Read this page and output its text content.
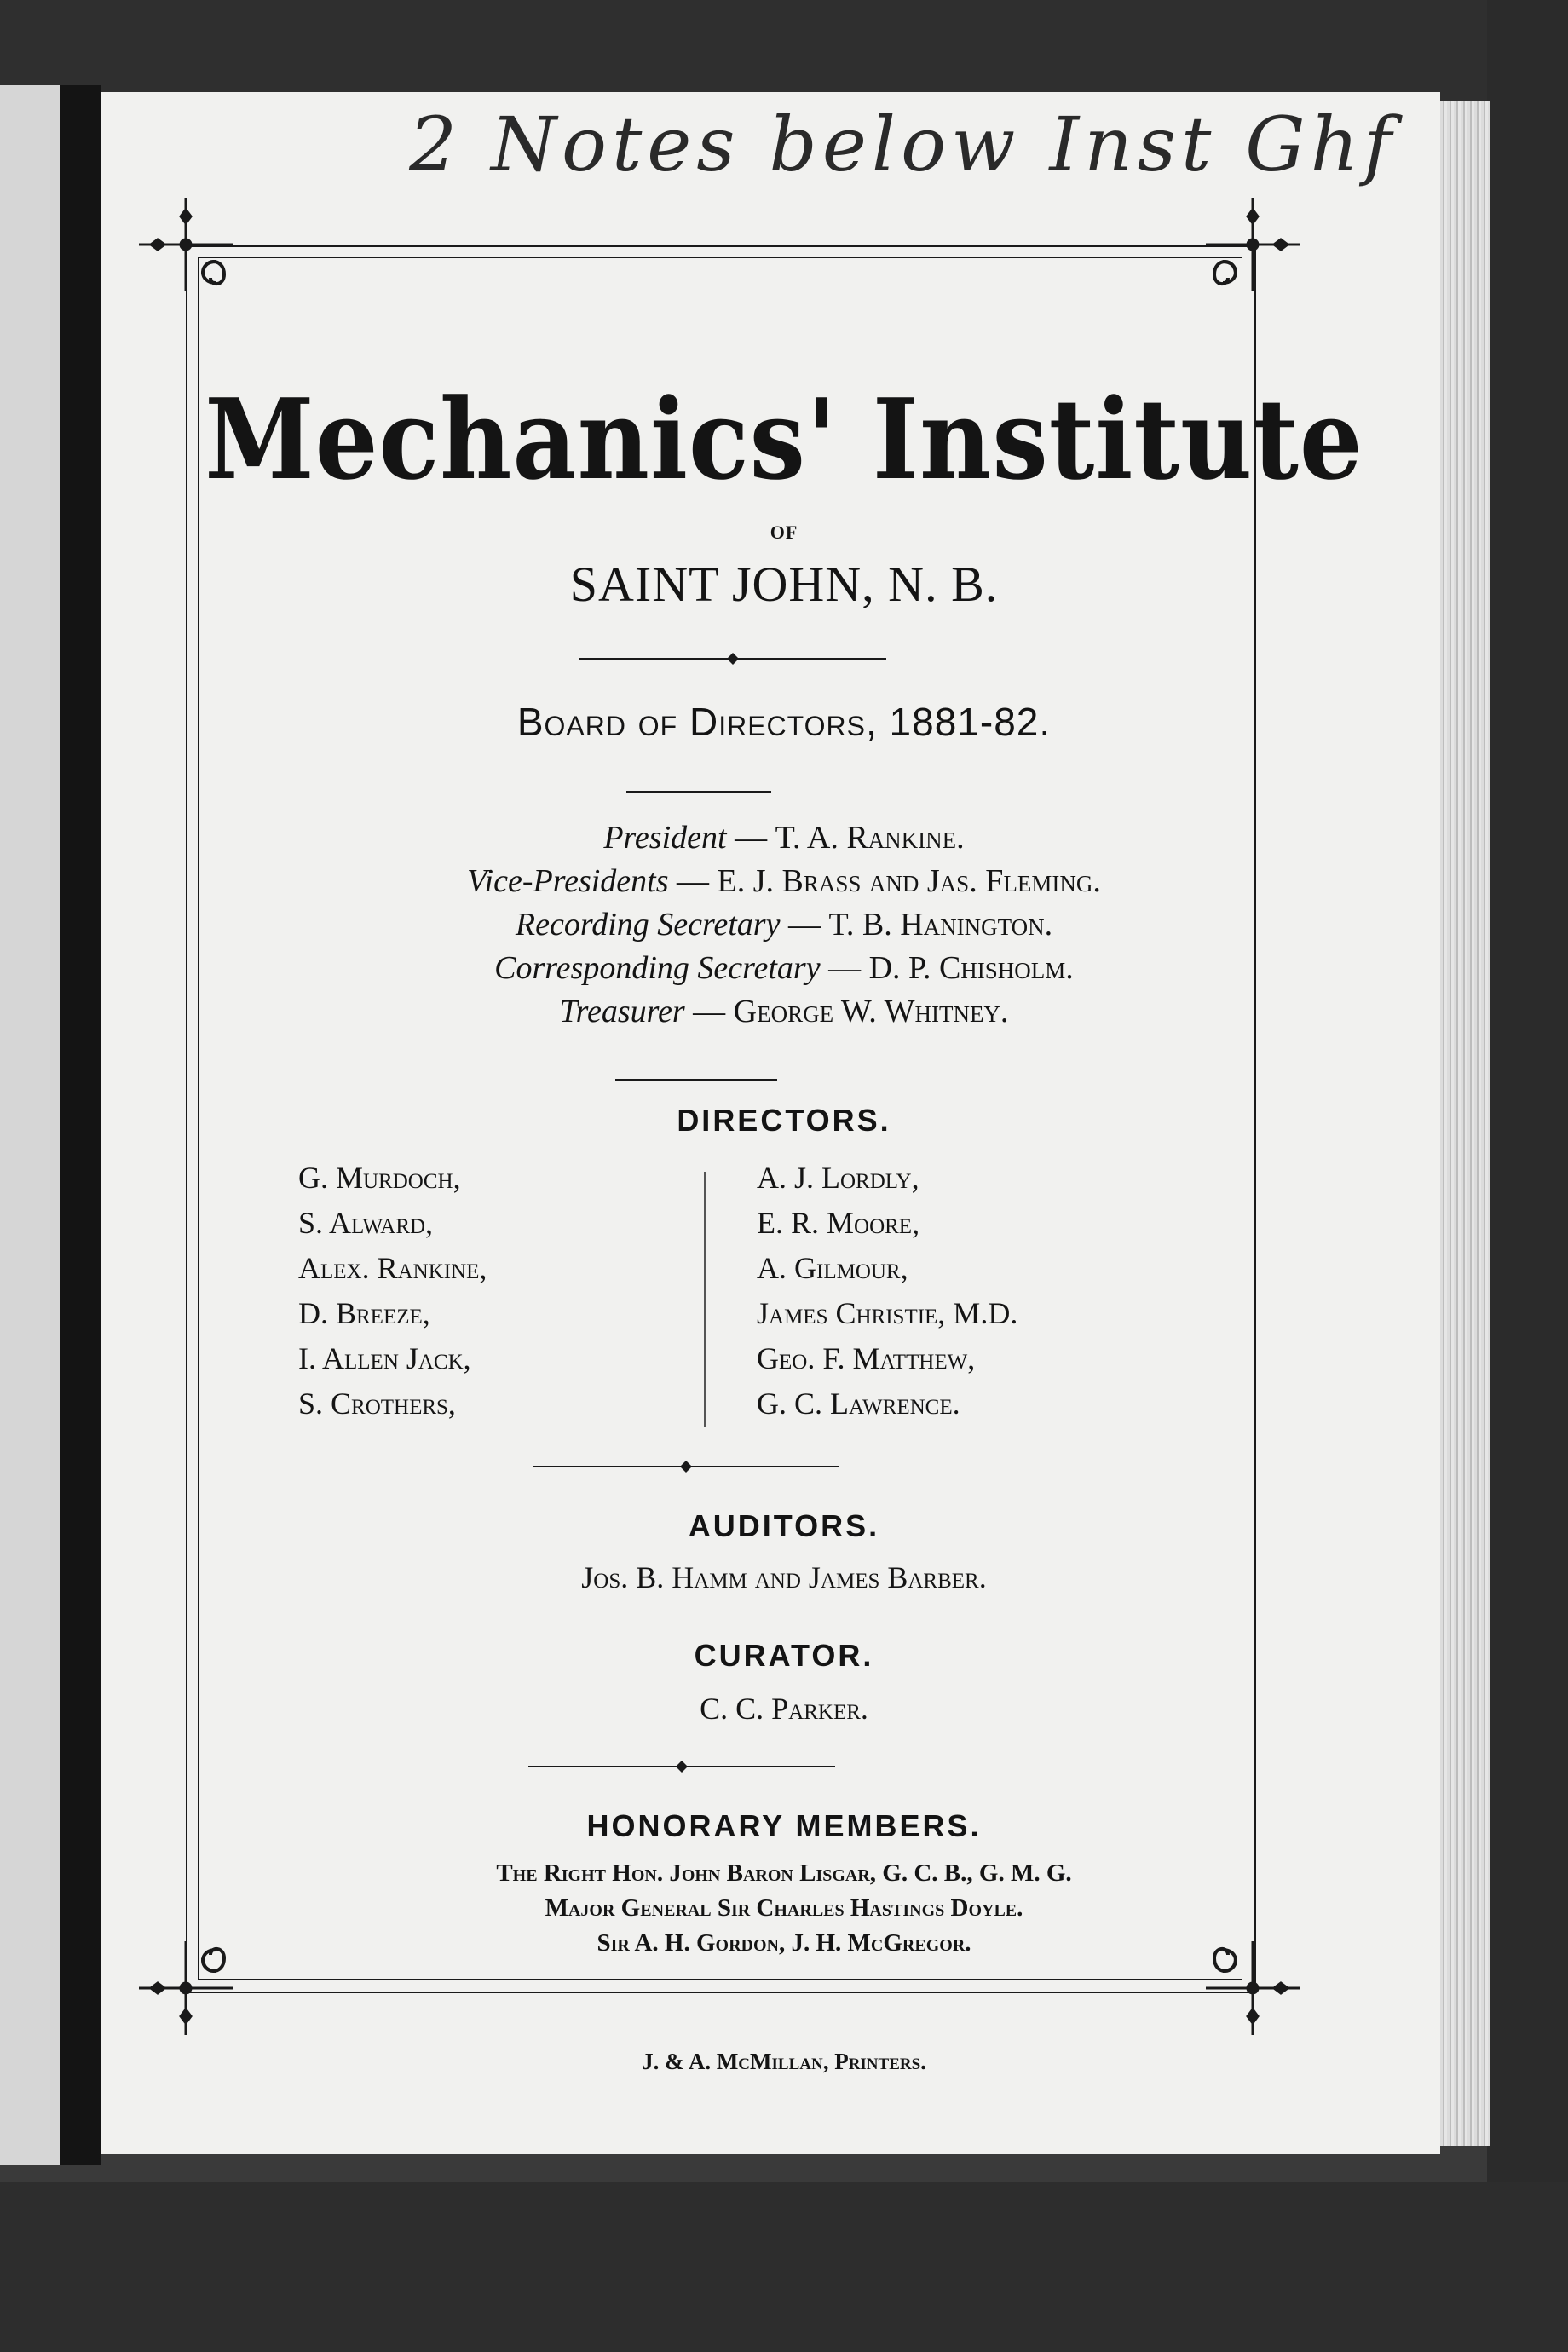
2 Notes below Inst Ghf
Mechanics' Institute
OF
SAINT JOHN, N. B.
Board of Directors, 1881-82.
President — T. A. Rankine.
Vice-Presidents — E. J. Brass and Jas. Fleming.
Recording Secretary — T. B. Hanington.
Corresponding Secretary — D. P. Chisholm.
Treasurer — George W. Whitney.
DIRECTORS.
G. Murdoch,
S. Alward,
Alex. Rankine,
D. Breeze,
I. Allen Jack,
S. Crothers,
A. J. Lordly,
E. R. Moore,
A. Gilmour,
James Christie, M.D.
Geo. F. Matthew,
G. C. Lawrence.
AUDITORS.
Jos. B. Hamm and James Barber.
CURATOR.
C. C. Parker.
HONORARY MEMBERS.
The Right Hon. John Baron Lisgar, G. C. B., G. M. G.
Major General Sir Charles Hastings Doyle.
Sir A. H. Gordon, J. H. McGregor.
J. & A. McMillan, Printers.
